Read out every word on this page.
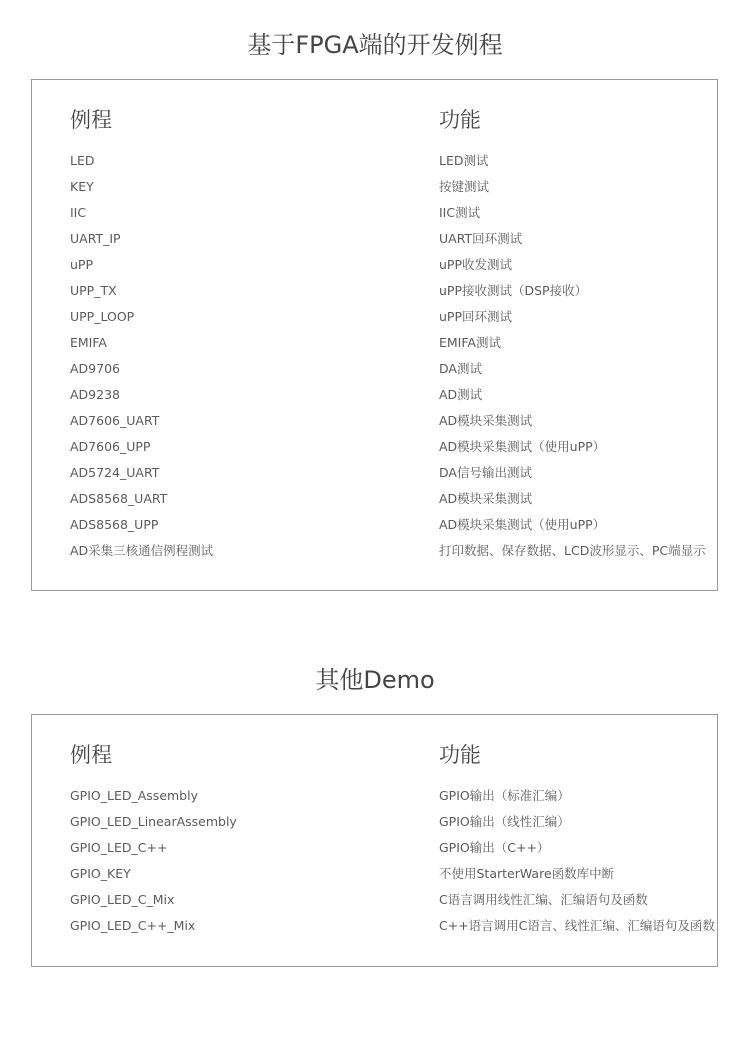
基于FPGA端的开发例程
例程	功能
LED	LED测试
KEY	按键测试
IIC	IIC测试
UART_IP	UART回环测试
uPP	uPP收发测试
UPP_TX	uPP接收测试（DSP接收）
UPP_LOOP	uPP回环测试
EMIFA	EMIFA测试
AD9706	DA测试
AD9238	AD测试
AD7606_UART	AD模块采集测试
AD7606_UPP	AD模块采集测试（使用uPP）
AD5724_UART	DA信号输出测试
ADS8568_UART	AD模块采集测试
ADS8568_UPP	AD模块采集测试（使用uPP）
AD采集三核通信例程测试	打印数据、保存数据、LCD波形显示、PC端显示
其他Demo
例程	功能
GPIO_LED_Assembly	GPIO输出（标准汇编）
GPIO_LED_LinearAssembly	GPIO输出（线性汇编）
GPIO_LED_C++	GPIO输出（C++）
GPIO_KEY	不使用StarterWare函数库中断
GPIO_LED_C_Mix	C语言调用线性汇编、汇编语句及函数
GPIO_LED_C++_Mix	C++语言调用C语言、线性汇编、汇编语句及函数
